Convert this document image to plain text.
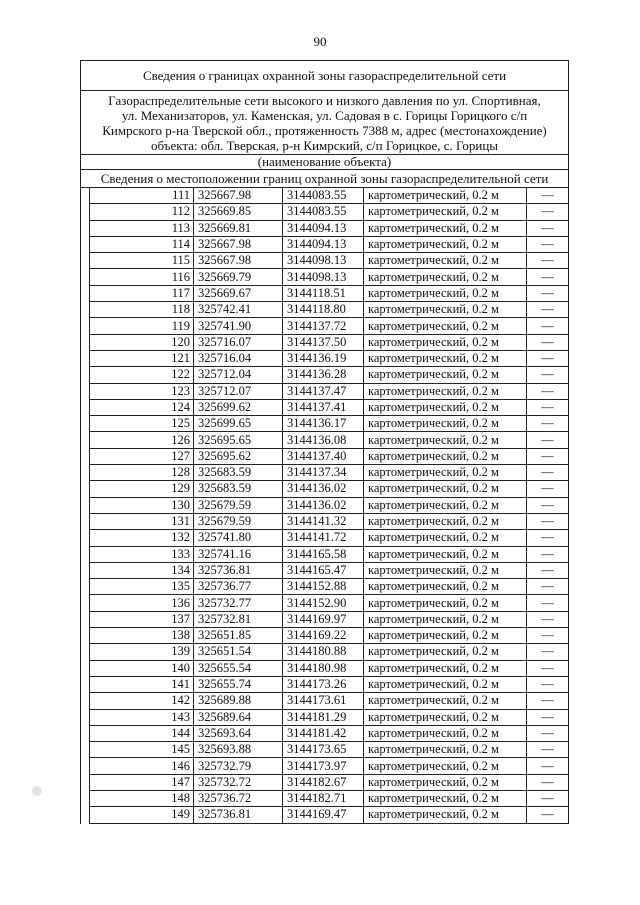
90
Сведения о границах охранной зоны газораспределительной сети
Газораспределительные сети высокого и низкого давления по ул. Спортивная,
ул. Механизаторов, ул. Каменская, ул. Садовая в с. Горицы Горицкого с/п
Кимрского р-на Тверской обл., протяженность 7388 м, адрес (местонахождение)
объекта: обл. Тверская, р-н Кимрский, с/п Горицкое, с. Горицы
(наименование объекта)
Сведения о местоположении границ охранной зоны газораспределительной сети
111	325667.98	3144083.55	картометрический, 0.2 м	—
112	325669.85	3144083.55	картометрический, 0.2 м	—
113	325669.81	3144094.13	картометрический, 0.2 м	—
114	325667.98	3144094.13	картометрический, 0.2 м	—
115	325667.98	3144098.13	картометрический, 0.2 м	—
116	325669.79	3144098.13	картометрический, 0.2 м	—
117	325669.67	3144118.51	картометрический, 0.2 м	—
118	325742.41	3144118.80	картометрический, 0.2 м	—
119	325741.90	3144137.72	картометрический, 0.2 м	—
120	325716.07	3144137.50	картометрический, 0.2 м	—
121	325716.04	3144136.19	картометрический, 0.2 м	—
122	325712.04	3144136.28	картометрический, 0.2 м	—
123	325712.07	3144137.47	картометрический, 0.2 м	—
124	325699.62	3144137.41	картометрический, 0.2 м	—
125	325699.65	3144136.17	картометрический, 0.2 м	—
126	325695.65	3144136.08	картометрический, 0.2 м	—
127	325695.62	3144137.40	картометрический, 0.2 м	—
128	325683.59	3144137.34	картометрический, 0.2 м	—
129	325683.59	3144136.02	картометрический, 0.2 м	—
130	325679.59	3144136.02	картометрический, 0.2 м	—
131	325679.59	3144141.32	картометрический, 0.2 м	—
132	325741.80	3144141.72	картометрический, 0.2 м	—
133	325741.16	3144165.58	картометрический, 0.2 м	—
134	325736.81	3144165.47	картометрический, 0.2 м	—
135	325736.77	3144152.88	картометрический, 0.2 м	—
136	325732.77	3144152.90	картометрический, 0.2 м	—
137	325732.81	3144169.97	картометрический, 0.2 м	—
138	325651.85	3144169.22	картометрический, 0.2 м	—
139	325651.54	3144180.88	картометрический, 0.2 м	—
140	325655.54	3144180.98	картометрический, 0.2 м	—
141	325655.74	3144173.26	картометрический, 0.2 м	—
142	325689.88	3144173.61	картометрический, 0.2 м	—
143	325689.64	3144181.29	картометрический, 0.2 м	—
144	325693.64	3144181.42	картометрический, 0.2 м	—
145	325693.88	3144173.65	картометрический, 0.2 м	—
146	325732.79	3144173.97	картометрический, 0.2 м	—
147	325732.72	3144182.67	картометрический, 0.2 м	—
148	325736.72	3144182.71	картометрический, 0.2 м	—
149	325736.81	3144169.47	картометрический, 0.2 м	—
